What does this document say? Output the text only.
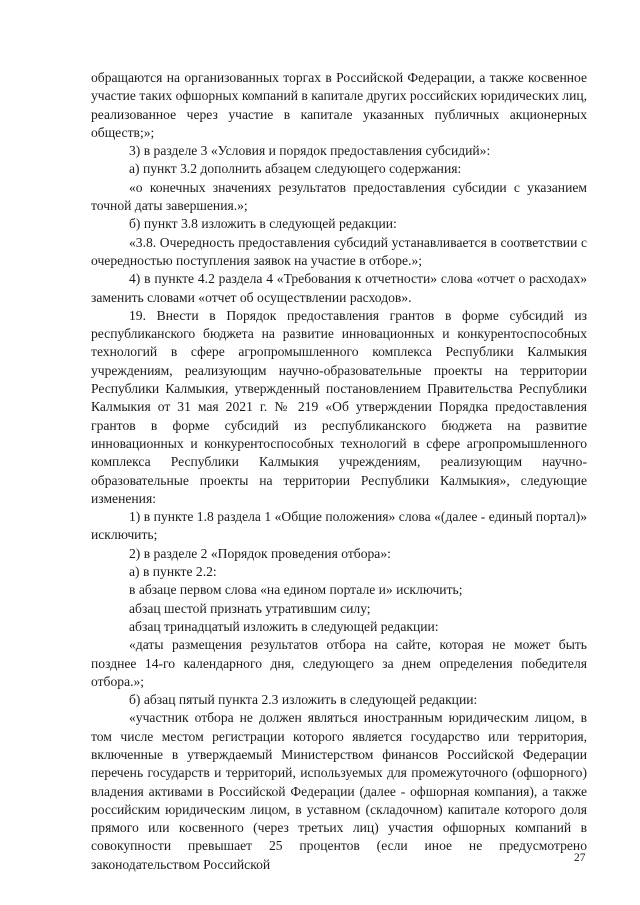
обращаются на организованных торгах в Российской Федерации, а также косвенное участие таких офшорных компаний в капитале других российских юридических лиц, реализованное через участие в капитале указанных публичных акционерных обществ;»;

3) в разделе 3 «Условия и порядок предоставления субсидий»:

а) пункт 3.2 дополнить абзацем следующего содержания:

«о конечных значениях результатов предоставления субсидии с указанием точной даты завершения.»;

б) пункт 3.8 изложить в следующей редакции:

«3.8. Очередность предоставления субсидий устанавливается в соответствии с очередностью поступления заявок на участие в отборе.»;

4) в пункте 4.2 раздела 4 «Требования к отчетности» слова «отчет о расходах» заменить словами «отчет об осуществлении расходов».

19. Внести в Порядок предоставления грантов в форме субсидий из республиканского бюджета на развитие инновационных и конкурентоспособных технологий в сфере агропромышленного комплекса Республики Калмыкия учреждениям, реализующим научно-образовательные проекты на территории Республики Калмыкия, утвержденный постановлением Правительства Республики Калмыкия от 31 мая 2021 г. № 219 «Об утверждении Порядка предоставления грантов в форме субсидий из республиканского бюджета на развитие инновационных и конкурентоспособных технологий в сфере агропромышленного комплекса Республики Калмыкия учреждениям, реализующим научно-образовательные проекты на территории Республики Калмыкия», следующие изменения:

1) в пункте 1.8 раздела 1 «Общие положения» слова «(далее - единый портал)» исключить;

2) в разделе 2 «Порядок проведения отбора»:

а) в пункте 2.2:

в абзаце первом слова «на едином портале и» исключить;

абзац шестой признать утратившим силу;

абзац тринадцатый изложить в следующей редакции:

«даты размещения результатов отбора на сайте, которая не может быть позднее 14-го календарного дня, следующего за днем определения победителя отбора.»;

б) абзац пятый пункта 2.3 изложить в следующей редакции:

«участник отбора не должен являться иностранным юридическим лицом, в том числе местом регистрации которого является государство или территория, включенные в утверждаемый Министерством финансов Российской Федерации перечень государств и территорий, используемых для промежуточного (офшорного) владения активами в Российской Федерации (далее - офшорная компания), а также российским юридическим лицом, в уставном (складочном) капитале которого доля прямого или косвенного (через третьих лиц) участия офшорных компаний в совокупности превышает 25 процентов (если иное не предусмотрено законодательством Российской	27
